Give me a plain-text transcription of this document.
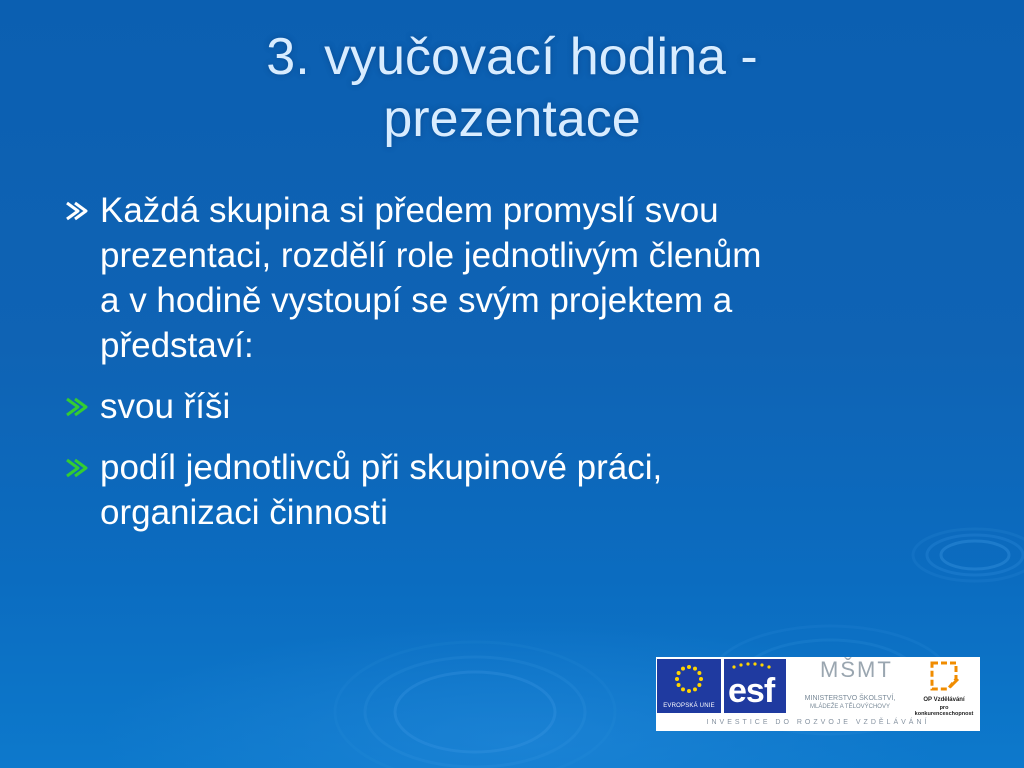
3. vyučovací hodina -
prezentace
Každá skupina si předem promyslí svou
prezentaci, rozdělí role jednotlivým členům
a v hodině vystoupí se svým projektem a
představí:
svou říši
podíl jednotlivců při skupinové práci,
organizaci činnosti
EVROPSKÁ UNIE esf
MŠMT
MINISTERSTVO ŠKOLSTVÍ,
MLÁDEŽE A TĚLOVÝCHOVY
OP Vzdělávání
pro konkurenceschopnost
INVESTICE DO ROZVOJE VZDĚLÁVÁNÍ
